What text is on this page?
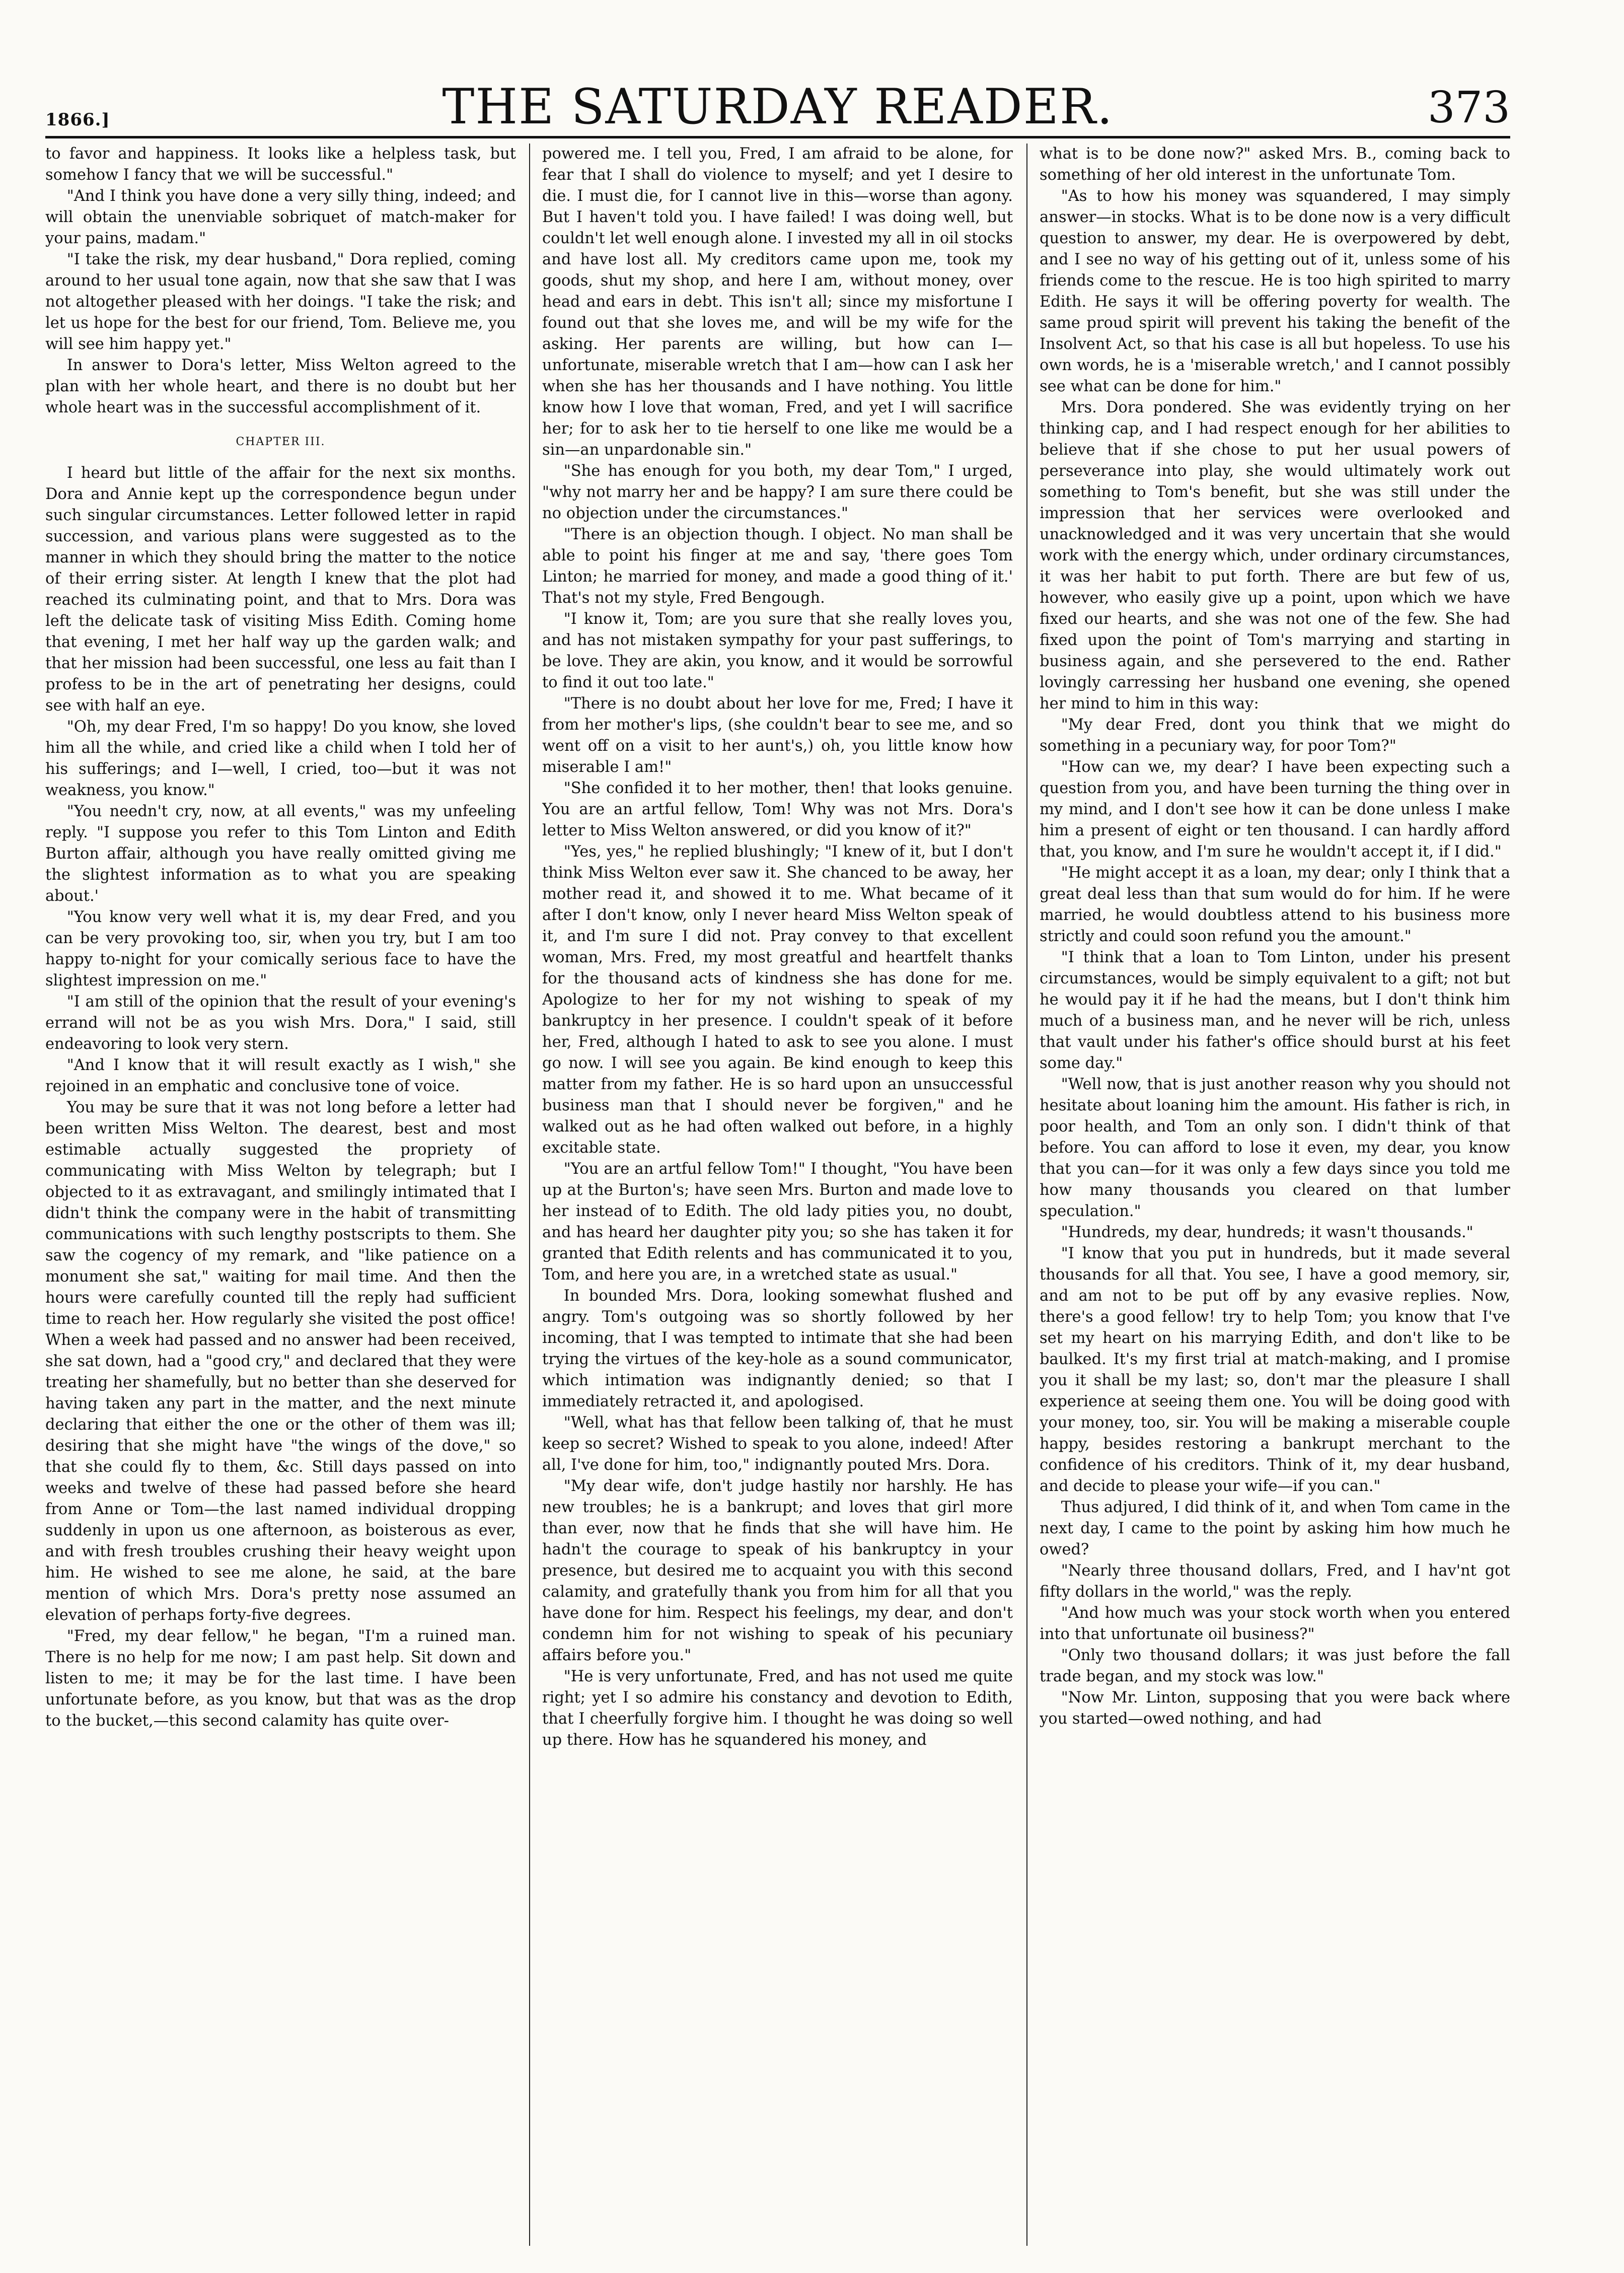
1866.]	THE SATURDAY READER.	373

to favor and happiness. It looks like a helpless task, but somehow I fancy that we will be successful."

"And I think you have done a very silly thing, indeed; and will obtain the unenviable sobriquet of match-maker for your pains, madam."

"I take the risk, my dear husband," Dora replied, coming around to her usual tone again, now that she saw that I was not altogether pleased with her doings. "I take the risk; and let us hope for the best for our friend, Tom. Believe me, you will see him happy yet."

In answer to Dora's letter, Miss Welton agreed to the plan with her whole heart, and there is no doubt but her whole heart was in the successful accomplishment of it.

CHAPTER III.

I heard but little of the affair for the next six months. Dora and Annie kept up the correspondence begun under such singular circumstances. Letter followed letter in rapid succession, and various plans were suggested as to the manner in which they should bring the matter to the notice of their erring sister. At length I knew that the plot had reached its culminating point, and that to Mrs. Dora was left the delicate task of visiting Miss Edith. Coming home that evening, I met her half way up the garden walk; and that her mission had been successful, one less au fait than I profess to be in the art of penetrating her designs, could see with half an eye.

"Oh, my dear Fred, I'm so happy! Do you know, she loved him all the while, and cried like a child when I told her of his sufferings; and I—well, I cried, too—but it was not weakness, you know."

"You needn't cry, now, at all events," was my unfeeling reply. "I suppose you refer to this Tom Linton and Edith Burton affair, although you have really omitted giving me the slightest information as to what you are speaking about.'

"You know very well what it is, my dear Fred, and you can be very provoking too, sir, when you try, but I am too happy to-night for your comically serious face to have the slightest impression on me."

"I am still of the opinion that the result of your evening's errand will not be as you wish Mrs. Dora," I said, still endeavoring to look very stern.

"And I know that it will result exactly as I wish," she rejoined in an emphatic and conclusive tone of voice.

You may be sure that it was not long before a letter had been written Miss Welton. The dearest, best and most estimable actually suggested the propriety of communicating with Miss Welton by telegraph; but I objected to it as extravagant, and smilingly intimated that I didn't think the company were in the habit of transmitting communications with such lengthy postscripts to them. She saw the cogency of my remark, and "like patience on a monument she sat," waiting for mail time. And then the hours were carefully counted till the reply had sufficient time to reach her. How regularly she visited the post office! When a week had passed and no answer had been received, she sat down, had a "good cry," and declared that they were treating her shamefully, but no better than she deserved for having taken any part in the matter, and the next minute declaring that either the one or the other of them was ill; desiring that she might have "the wings of the dove," so that she could fly to them, &c. Still days passed on into weeks and twelve of these had passed before she heard from Anne or Tom—the last named individual dropping suddenly in upon us one afternoon, as boisterous as ever, and with fresh troubles crushing their heavy weight upon him. He wished to see me alone, he said, at the bare mention of which Mrs. Dora's pretty nose assumed an elevation of perhaps forty-five degrees.

"Fred, my dear fellow," he began, "I'm a ruined man. There is no help for me now; I am past help. Sit down and listen to me; it may be for the last time. I have been unfortunate before, as you know, but that was as the drop to the bucket,—this second calamity has quite over-

powered me. I tell you, Fred, I am afraid to be alone, for fear that I shall do violence to myself; and yet I desire to die. I must die, for I cannot live in this—worse than agony. But I haven't told you. I have failed! I was doing well, but couldn't let well enough alone. I invested my all in oil stocks and have lost all. My creditors came upon me, took my goods, shut my shop, and here I am, without money, over head and ears in debt. This isn't all; since my misfortune I found out that she loves me, and will be my wife for the asking. Her parents are willing, but how can I—unfortunate, miserable wretch that I am—how can I ask her when she has her thousands and I have nothing. You little know how I love that woman, Fred, and yet I will sacrifice her; for to ask her to tie herself to one like me would be a sin—an unpardonable sin."

"She has enough for you both, my dear Tom," I urged, "why not marry her and be happy? I am sure there could be no objection under the circumstances."

"There is an objection though. I object. No man shall be able to point his finger at me and say, 'there goes Tom Linton; he married for money, and made a good thing of it.' That's not my style, Fred Bengough.

"I know it, Tom; are you sure that she really loves you, and has not mistaken sympathy for your past sufferings, to be love. They are akin, you know, and it would be sorrowful to find it out too late."

"There is no doubt about her love for me, Fred; I have it from her mother's lips, (she couldn't bear to see me, and so went off on a visit to her aunt's,) oh, you little know how miserable I am!"

"She confided it to her mother, then! that looks genuine. You are an artful fellow, Tom! Why was not Mrs. Dora's letter to Miss Welton answered, or did you know of it?"

"Yes, yes," he replied blushingly; "I knew of it, but I don't think Miss Welton ever saw it. She chanced to be away, her mother read it, and showed it to me. What became of it after I don't know, only I never heard Miss Welton speak of it, and I'm sure I did not. Pray convey to that excellent woman, Mrs. Fred, my most greatful and heartfelt thanks for the thousand acts of kindness she has done for me. Apologize to her for my not wishing to speak of my bankruptcy in her presence. I couldn't speak of it before her, Fred, although I hated to ask to see you alone. I must go now. I will see you again. Be kind enough to keep this matter from my father. He is so hard upon an unsuccessful business man that I should never be forgiven," and he walked out as he had often walked out before, in a highly excitable state.

"You are an artful fellow Tom!" I thought, "You have been up at the Burton's; have seen Mrs. Burton and made love to her instead of to Edith. The old lady pities you, no doubt, and has heard her daughter pity you; so she has taken it for granted that Edith relents and has communicated it to you, Tom, and here you are, in a wretched state as usual."

In bounded Mrs. Dora, looking somewhat flushed and angry. Tom's outgoing was so shortly followed by her incoming, that I was tempted to intimate that she had been trying the virtues of the key-hole as a sound communicator, which intimation was indignantly denied; so that I immediately retracted it, and apologised.

"Well, what has that fellow been talking of, that he must keep so secret? Wished to speak to you alone, indeed! After all, I've done for him, too," indignantly pouted Mrs. Dora.

"My dear wife, don't judge hastily nor harshly. He has new troubles; he is a bankrupt; and loves that girl more than ever, now that he finds that she will have him. He hadn't the courage to speak of his bankruptcy in your presence, but desired me to acquaint you with this second calamity, and gratefully thank you from him for all that you have done for him. Respect his feelings, my dear, and don't condemn him for not wishing to speak of his pecuniary affairs before you."

"He is very unfortunate, Fred, and has not used me quite right; yet I so admire his constancy and devotion to Edith, that I cheerfully forgive him. I thought he was doing so well up there. How has he squandered his money, and

what is to be done now?" asked Mrs. B., coming back to something of her old interest in the unfortunate Tom.

"As to how his money was squandered, I may simply answer—in stocks. What is to be done now is a very difficult question to answer, my dear. He is overpowered by debt, and I see no way of his getting out of it, unless some of his friends come to the rescue. He is too high spirited to marry Edith. He says it will be offering poverty for wealth. The same proud spirit will prevent his taking the benefit of the Insolvent Act, so that his case is all but hopeless. To use his own words, he is a 'miserable wretch,' and I cannot possibly see what can be done for him."

Mrs. Dora pondered. She was evidently trying on her thinking cap, and I had respect enough for her abilities to believe that if she chose to put her usual powers of perseverance into play, she would ultimately work out something to Tom's benefit, but she was still under the impression that her services were overlooked and unacknowledged and it was very uncertain that she would work with the energy which, under ordinary circumstances, it was her habit to put forth. There are but few of us, however, who easily give up a point, upon which we have fixed our hearts, and she was not one of the few. She had fixed upon the point of Tom's marrying and starting in business again, and she persevered to the end. Rather lovingly carressing her husband one evening, she opened her mind to him in this way:

"My dear Fred, dont you think that we might do something in a pecuniary way, for poor Tom?"

"How can we, my dear? I have been expecting such a question from you, and have been turning the thing over in my mind, and I don't see how it can be done unless I make him a present of eight or ten thousand. I can hardly afford that, you know, and I'm sure he wouldn't accept it, if I did."

"He might accept it as a loan, my dear; only I think that a great deal less than that sum would do for him. If he were married, he would doubtless attend to his business more strictly and could soon refund you the amount."

"I think that a loan to Tom Linton, under his present circumstances, would be simply equivalent to a gift; not but he would pay it if he had the means, but I don't think him much of a business man, and he never will be rich, unless that vault under his father's office should burst at his feet some day."

"Well now, that is just another reason why you should not hesitate about loaning him the amount. His father is rich, in poor health, and Tom an only son. I didn't think of that before. You can afford to lose it even, my dear, you know that you can—for it was only a few days since you told me how many thousands you cleared on that lumber speculation."

"Hundreds, my dear, hundreds; it wasn't thousands."

"I know that you put in hundreds, but it made several thousands for all that. You see, I have a good memory, sir, and am not to be put off by any evasive replies. Now, there's a good fellow! try to help Tom; you know that I've set my heart on his marrying Edith, and don't like to be baulked. It's my first trial at match-making, and I promise you it shall be my last; so, don't mar the pleasure I shall experience at seeing them one. You will be doing good with your money, too, sir. You will be making a miserable couple happy, besides restoring a bankrupt merchant to the confidence of his creditors. Think of it, my dear husband, and decide to please your wife—if you can."

Thus adjured, I did think of it, and when Tom came in the next day, I came to the point by asking him how much he owed?

"Nearly three thousand dollars, Fred, and I hav'nt got fifty dollars in the world," was the reply.

"And how much was your stock worth when you entered into that unfortunate oil business?"

"Only two thousand dollars; it was just before the fall trade began, and my stock was low."

"Now Mr. Linton, supposing that you were back where you started—owed nothing, and had
